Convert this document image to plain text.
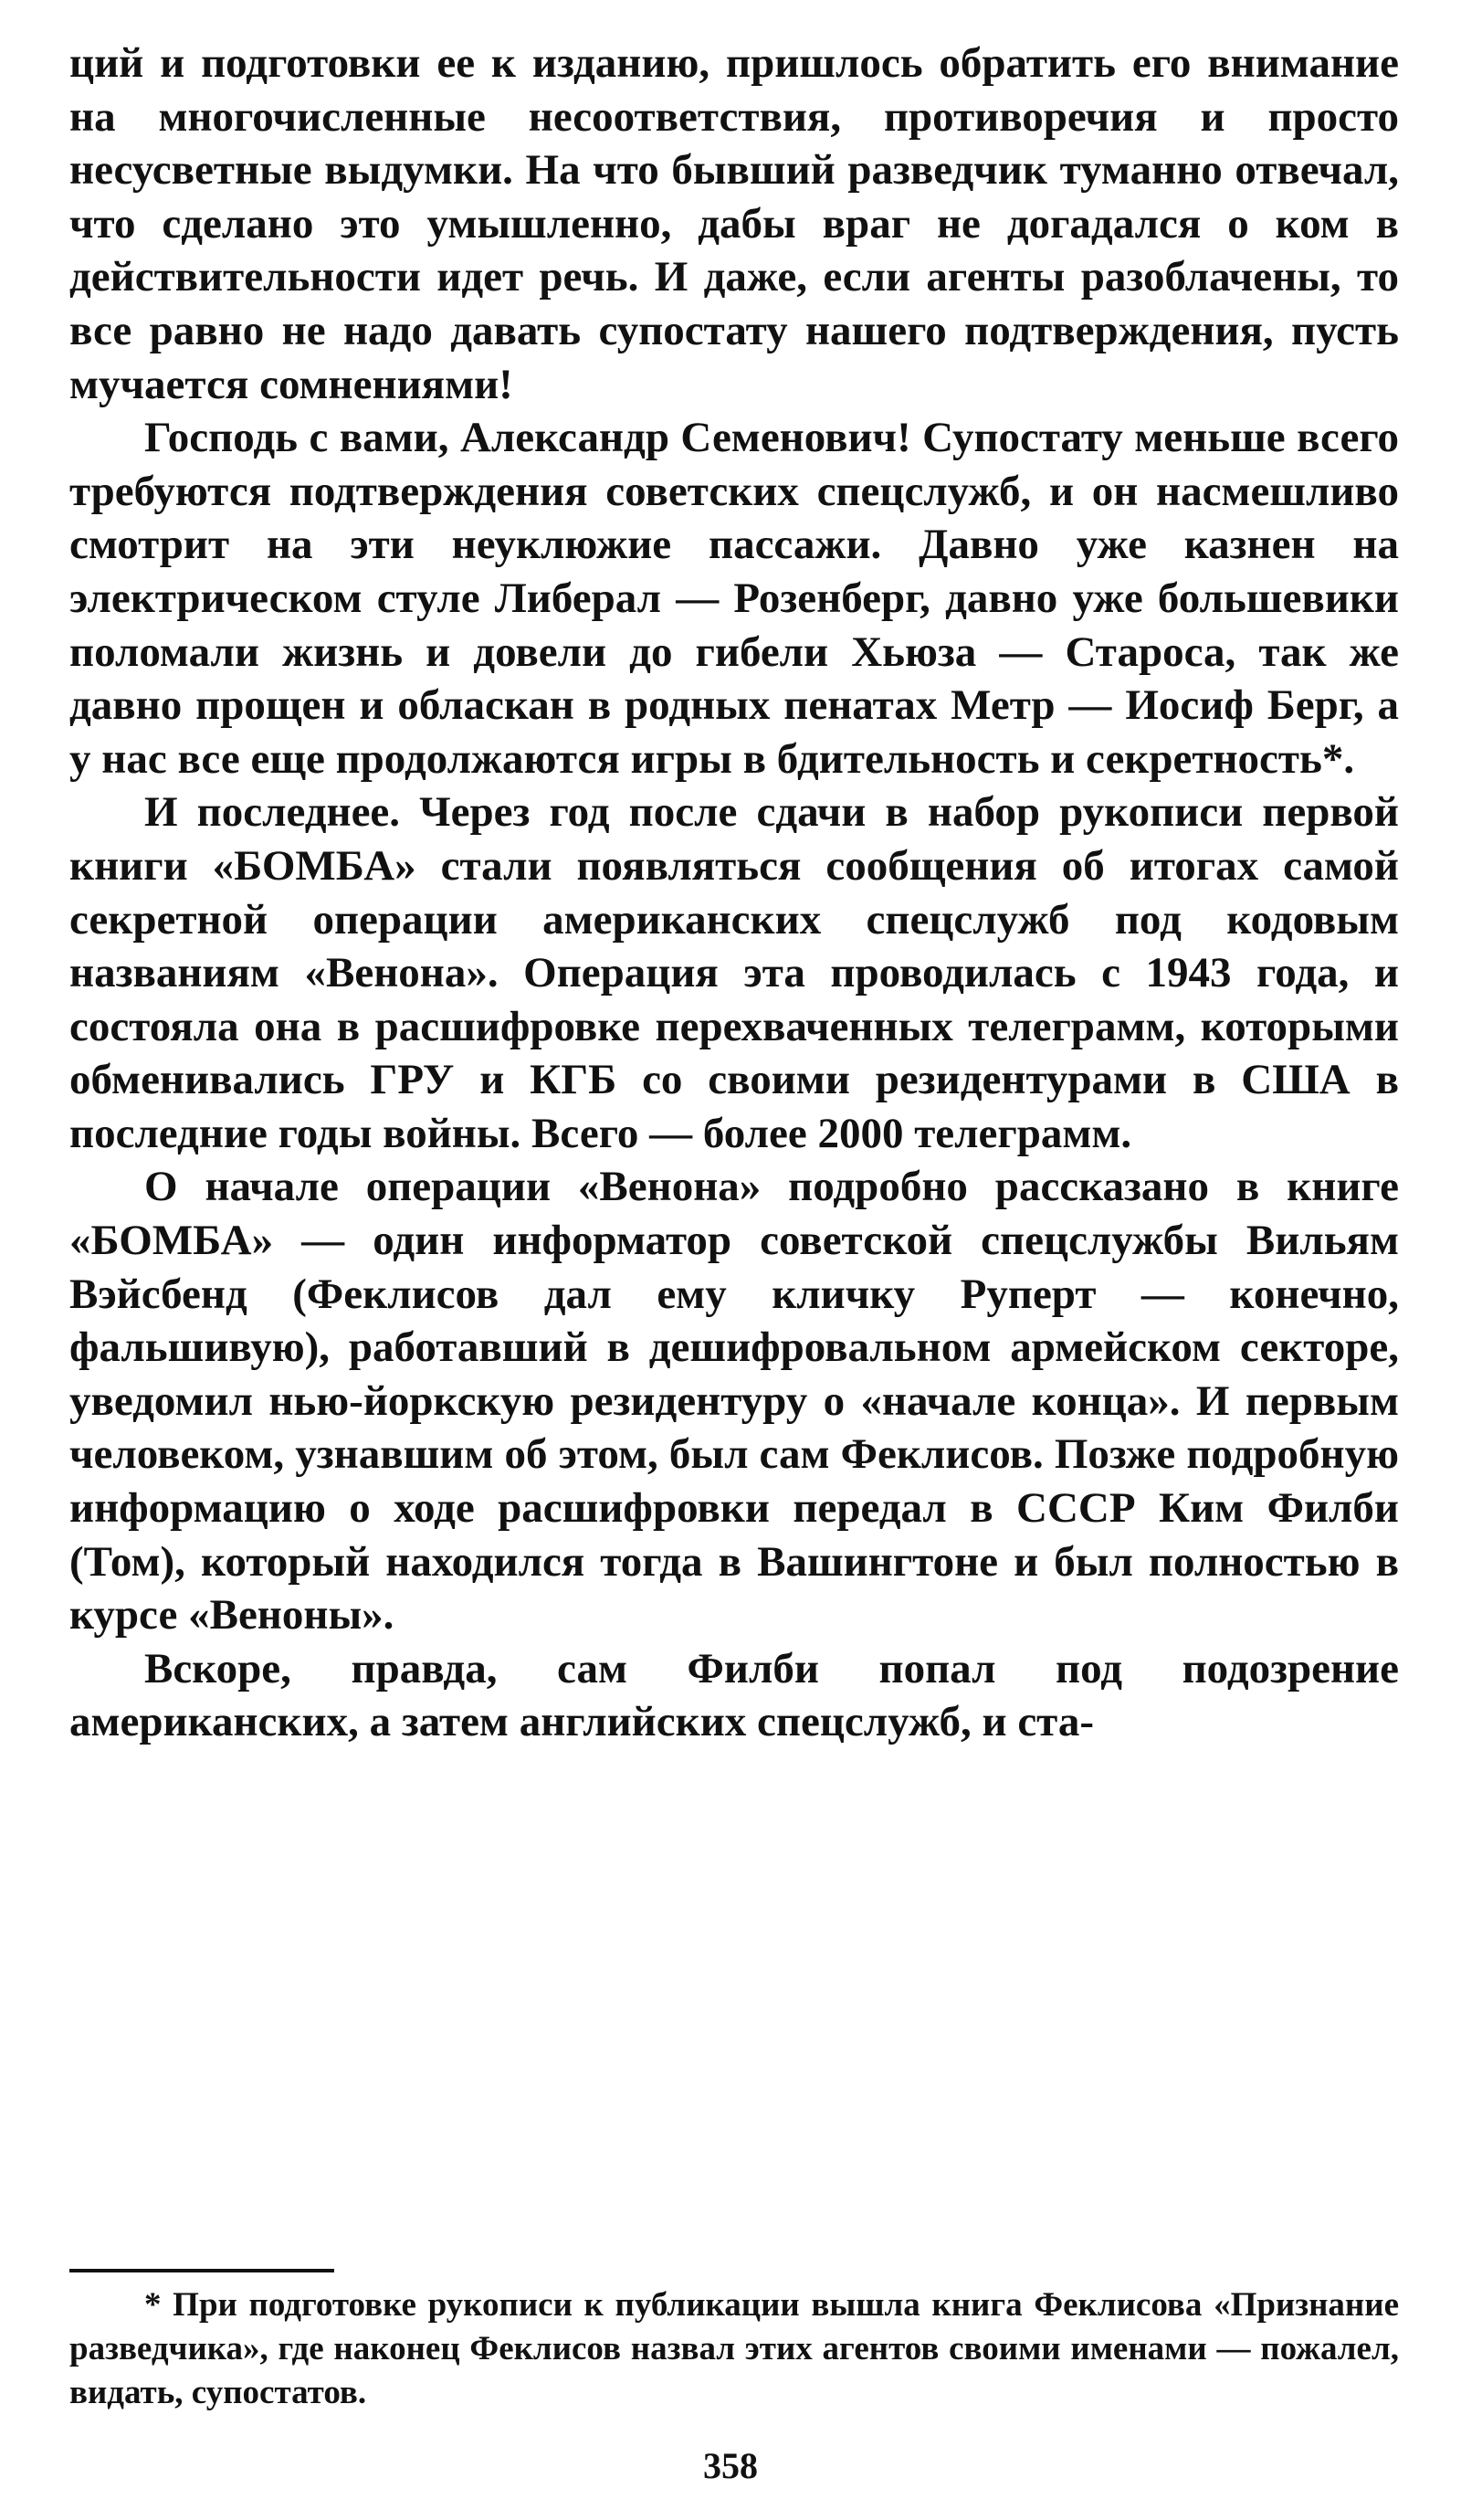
ций и подготовки ее к изданию, пришлось обратить его внимание на многочисленные несоответствия, противоречия и просто несусветные выдумки. На что бывший разведчик туманно отвечал, что сделано это умышленно, дабы враг не догадался о ком в действительности идет речь. И даже, если агенты разоблачены, то все равно не надо давать супостату нашего подтверждения, пусть мучается сомнениями!

Господь с вами, Александр Семенович! Супостату меньше всего требуются подтверждения советских спецслужб, и он насмешливо смотрит на эти неуклюжие пассажи. Давно уже казнен на электрическом стуле Либерал — Розенберг, давно уже большевики поломали жизнь и довели до гибели Хьюза — Староса, так же давно прощен и обласкан в родных пенатах Метр — Иосиф Берг, а у нас все еще продолжаются игры в бдительность и секретность*.

И последнее. Через год после сдачи в набор рукописи первой книги «БОМБА» стали появляться сообщения об итогах самой секретной операции американских спецслужб под кодовым названиям «Венона». Операция эта проводилась с 1943 года, и состояла она в расшифровке перехваченных телеграмм, которыми обменивались ГРУ и КГБ со своими резидентурами в США в последние годы войны. Всего — более 2000 телеграмм.

О начале операции «Венона» подробно рассказано в книге «БОМБА» — один информатор советской спецслужбы Вильям Вэйсбенд (Феклисов дал ему кличку Руперт — конечно, фальшивую), работавший в дешифровальном армейском секторе, уведомил нью-йоркскую резидентуру о «начале конца». И первым человеком, узнавшим об этом, был сам Феклисов. Позже подробную информацию о ходе расшифровки передал в СССР Ким Филби (Том), который находился тогда в Вашингтоне и был полностью в курсе «Веноны».

Вскоре, правда, сам Филби попал под подозрение американских, а затем английских спецслужб, и ста-

* При подготовке рукописи к публикации вышла книга Феклисова «Признание разведчика», где наконец Феклисов назвал этих агентов своими именами — пожалел, видать, супостатов.

358
